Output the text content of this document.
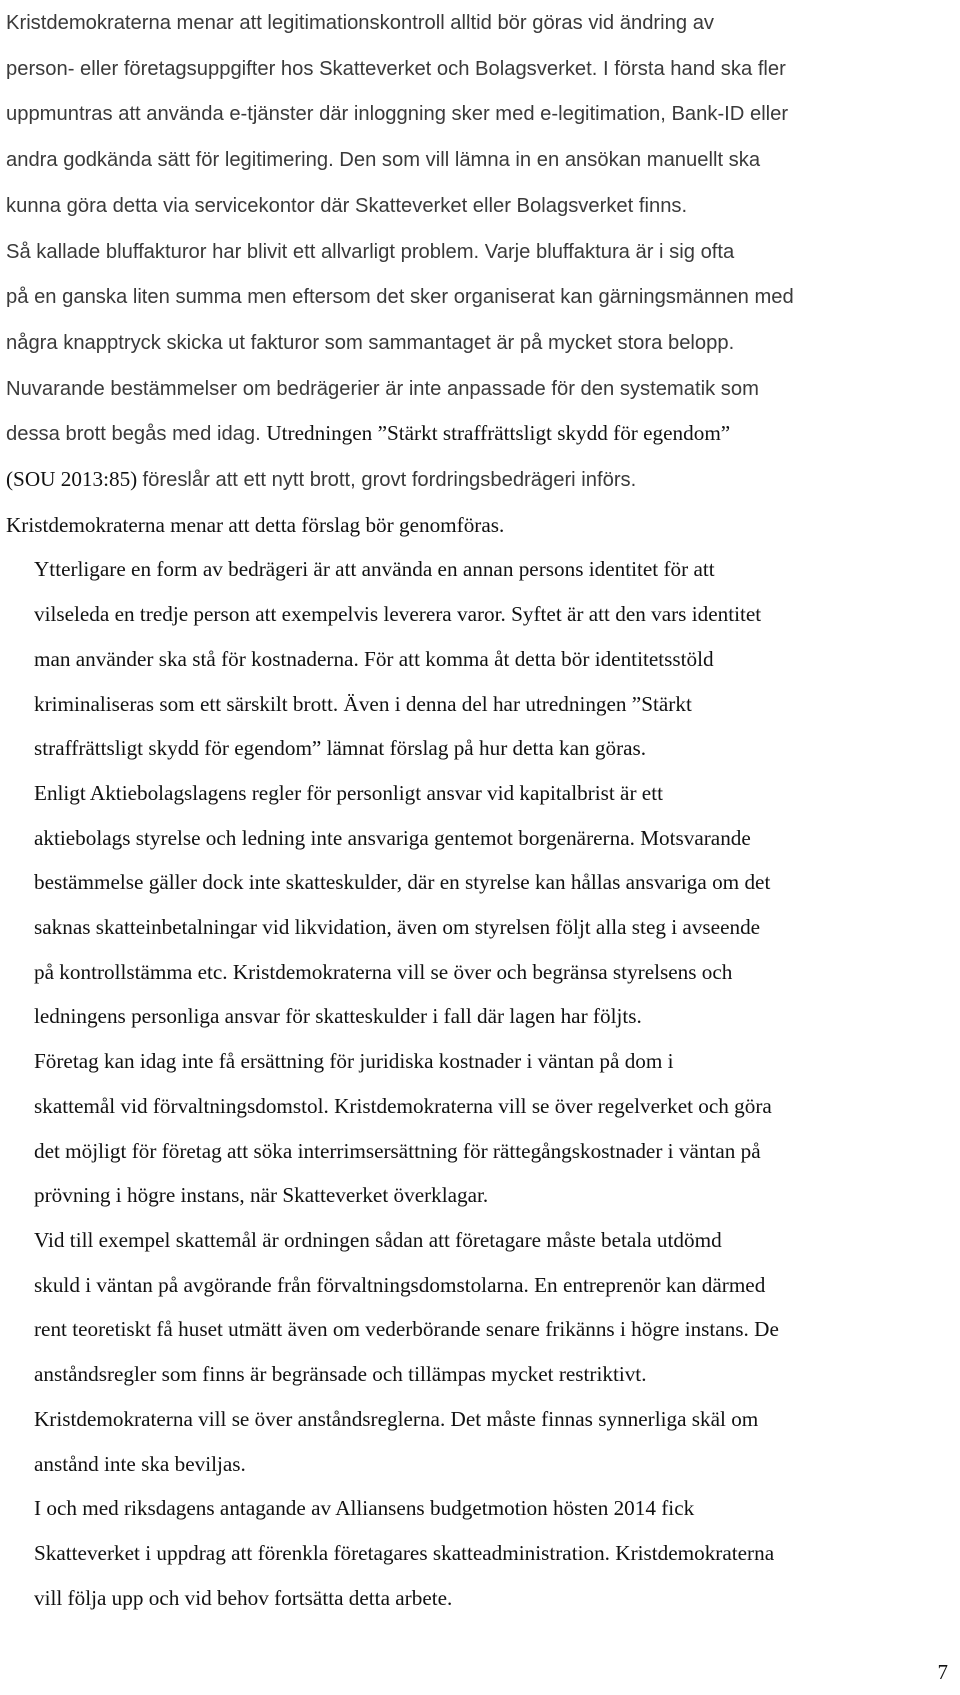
Kristdemokraterna menar att legitimationskontroll alltid bör göras vid ändring av
person- eller företagsuppgifter hos Skatteverket och Bolagsverket. I första hand ska fler
uppmuntras att använda e-tjänster där inloggning sker med e-legitimation, Bank-ID eller
andra godkända sätt för legitimering. Den som vill lämna in en ansökan manuellt ska
kunna göra detta via servicekontor där Skatteverket eller Bolagsverket finns.
Så kallade bluffakturor har blivit ett allvarligt problem. Varje bluffaktura är i sig ofta
på en ganska liten summa men eftersom det sker organiserat kan gärningsmännen med
några knapptryck skicka ut fakturor som sammantaget är på mycket stora belopp.
Nuvarande bestämmelser om bedrägerier är inte anpassade för den systematik som
dessa brott begås med idag. Utredningen ”Stärkt straffrättsligt skydd för egendom”
(SOU 2013:85) föreslår att ett nytt brott, grovt fordringsbedrägeri införs.
Kristdemokraterna menar att detta förslag bör genomföras.
Ytterligare en form av bedrägeri är att använda en annan persons identitet för att
vilseleda en tredje person att exempelvis leverera varor. Syftet är att den vars identitet
man använder ska stå för kostnaderna. För att komma åt detta bör identitetsstöld
kriminaliseras som ett särskilt brott. Även i denna del har utredningen ”Stärkt
straffrättsligt skydd för egendom” lämnat förslag på hur detta kan göras.
Enligt Aktiebolagslagens regler för personligt ansvar vid kapitalbrist är ett
aktiebolags styrelse och ledning inte ansvariga gentemot borgenärerna. Motsvarande
bestämmelse gäller dock inte skatteskulder, där en styrelse kan hållas ansvariga om det
saknas skatteinbetalningar vid likvidation, även om styrelsen följt alla steg i avseende
på kontrollstämma etc. Kristdemokraterna vill se över och begränsa styrelsens och
ledningens personliga ansvar för skatteskulder i fall där lagen har följts.
Företag kan idag inte få ersättning för juridiska kostnader i väntan på dom i
skattemål vid förvaltningsdomstol. Kristdemokraterna vill se över regelverket och göra
det möjligt för företag att söka interrimsersättning för rättegångskostnader i väntan på
prövning i högre instans, när Skatteverket överklagar.
Vid till exempel skattemål är ordningen sådan att företagare måste betala utdömd
skuld i väntan på avgörande från förvaltningsdomstolarna. En entreprenör kan därmed
rent teoretiskt få huset utmätt även om vederbörande senare frikänns i högre instans. De
anståndsregler som finns är begränsade och tillämpas mycket restriktivt.
Kristdemokraterna vill se över anståndsreglerna. Det måste finnas synnerliga skäl om
anstånd inte ska beviljas.
I och med riksdagens antagande av Alliansens budgetmotion hösten 2014 fick
Skatteverket i uppdrag att förenkla företagares skatteadministration. Kristdemokraterna
vill följa upp och vid behov fortsätta detta arbete.
7
